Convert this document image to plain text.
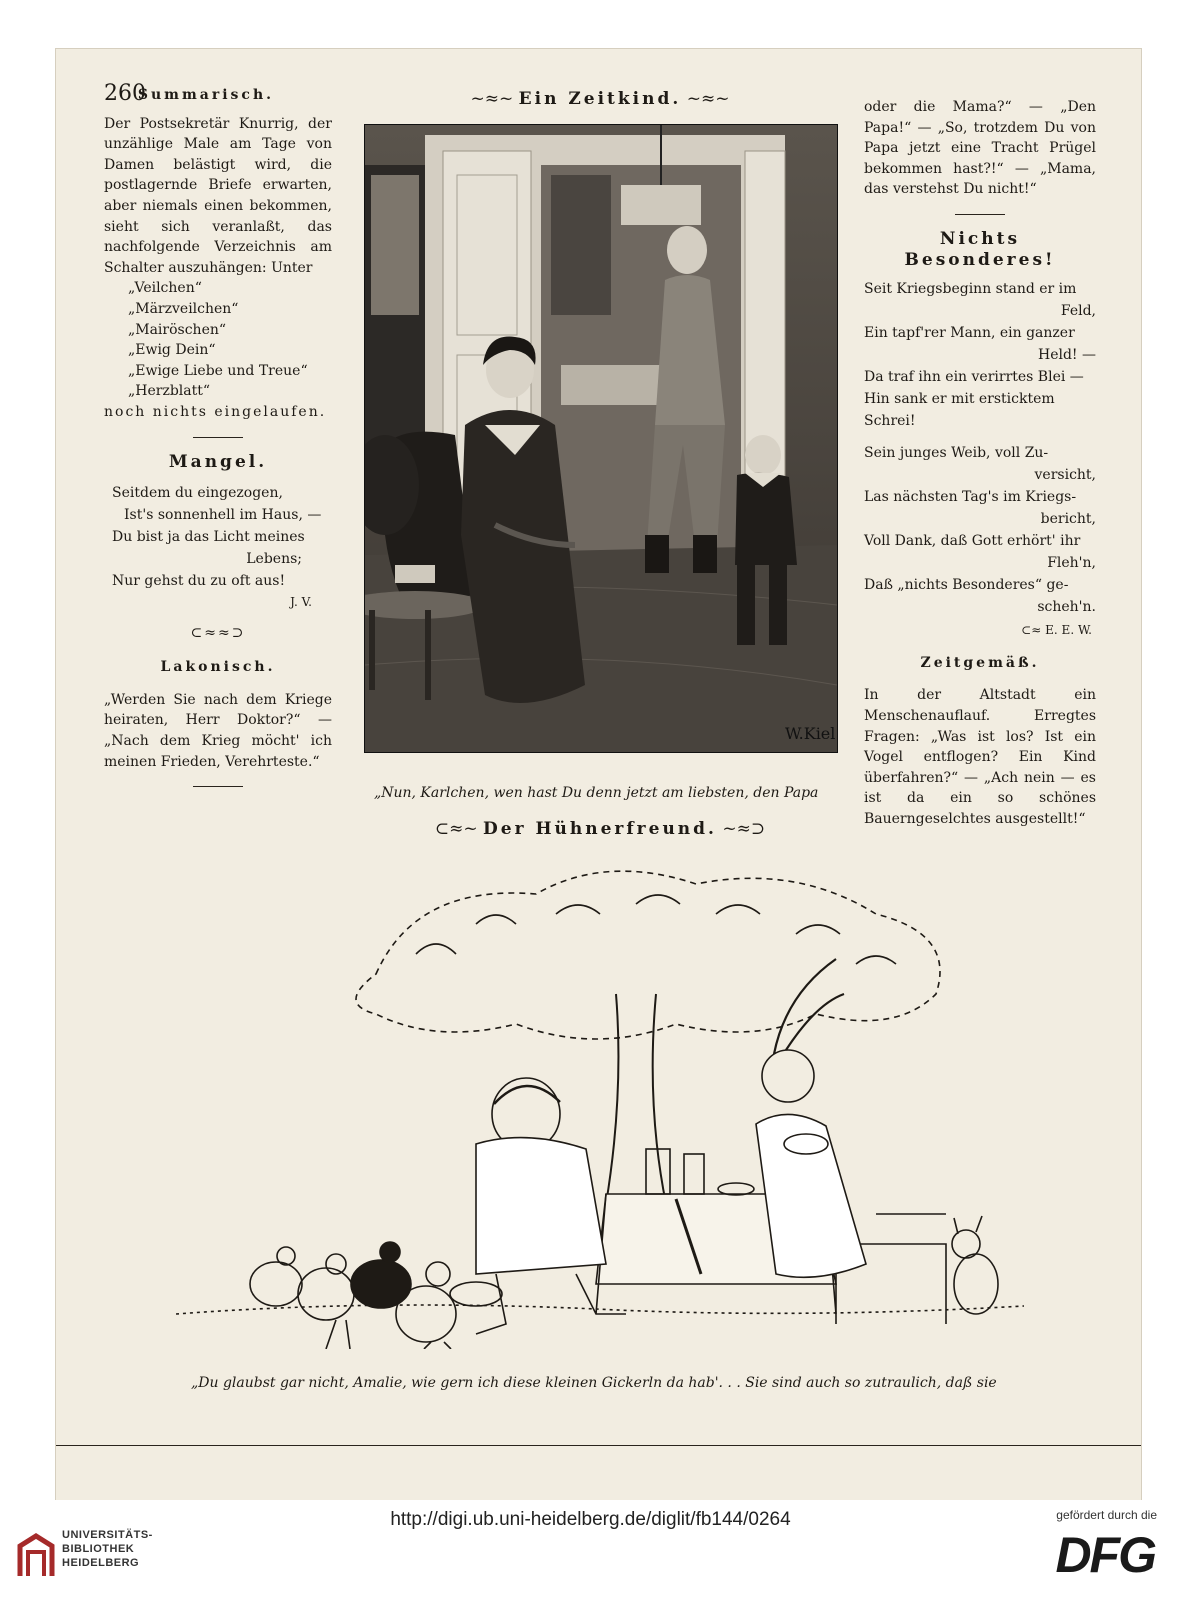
260

Summarisch.

Der Postsekretär Knurrig, der unzählige Male am Tage von Damen belästigt wird, die postlagernde Briefe erwarten, aber niemals einen bekommen, sieht sich veranlaßt, das nachfolgende Verzeichnis am Schalter auszuhängen: Unter

„Veilchen“

„Märzveilchen“

„Mairöschen“

„Ewig Dein“

„Ewige Liebe und Treue“

„Herzblatt“

noch nichts eingelaufen.

Mangel.

Seitdem du eingezogen,

Ist's sonnenhell im Haus, —

Du bist ja das Licht meines

Lebens;

Nur gehst du zu oft aus!

J. V.

⊂≈≈⊃

Lakonisch.

„Werden Sie nach dem Kriege heiraten, Herr Doktor?“ — „Nach dem Krieg möcht' ich meinen Frieden, Verehrteste.“

~≈~ Ein Zeitkind. ~≈~
W.Kiel

„Nun, Karlchen, wen hast Du denn jetzt am liebsten, den Papa

oder die Mama?“ — „Den Papa!“ — „So, trotzdem Du von Papa jetzt eine Tracht Prügel bekommen hast?!“ — „Mama, das verstehst Du nicht!“

Nichts Besonderes!

Seit Kriegsbeginn stand er im

Feld,

Ein tapf'rer Mann, ein ganzer

Held! —

Da traf ihn ein verirrtes Blei —

Hin sank er mit ersticktem Schrei!

Sein junges Weib, voll Zu-

versicht,

Las nächsten Tag's im Kriegs-

bericht,

Voll Dank, daß Gott erhört' ihr

Fleh'n,

Daß „nichts Besonderes“ ge-

scheh'n.

⊂≈ E. E. W.

Zeitgemäß.

In der Altstadt ein Menschenauflauf. Erregtes Fragen: „Was ist los? Ist ein Vogel entflogen? Ein Kind überfahren?“ — „Ach nein — es ist da ein so schönes Bauerngeselchtes ausgestellt!“

⊂≈~ Der Hühnerfreund. ~≈⊃

„Du glaubst gar nicht, Amalie, wie gern ich diese kleinen Gickerln da hab'. . . Sie sind auch so zutraulich, daß sie

UNIVERSITÄTS-
BIBLIOTHEK
HEIDELBERG
http://digi.ub.uni-heidelberg.de/diglit/fb144/0264	gefördert durch die
DFG
